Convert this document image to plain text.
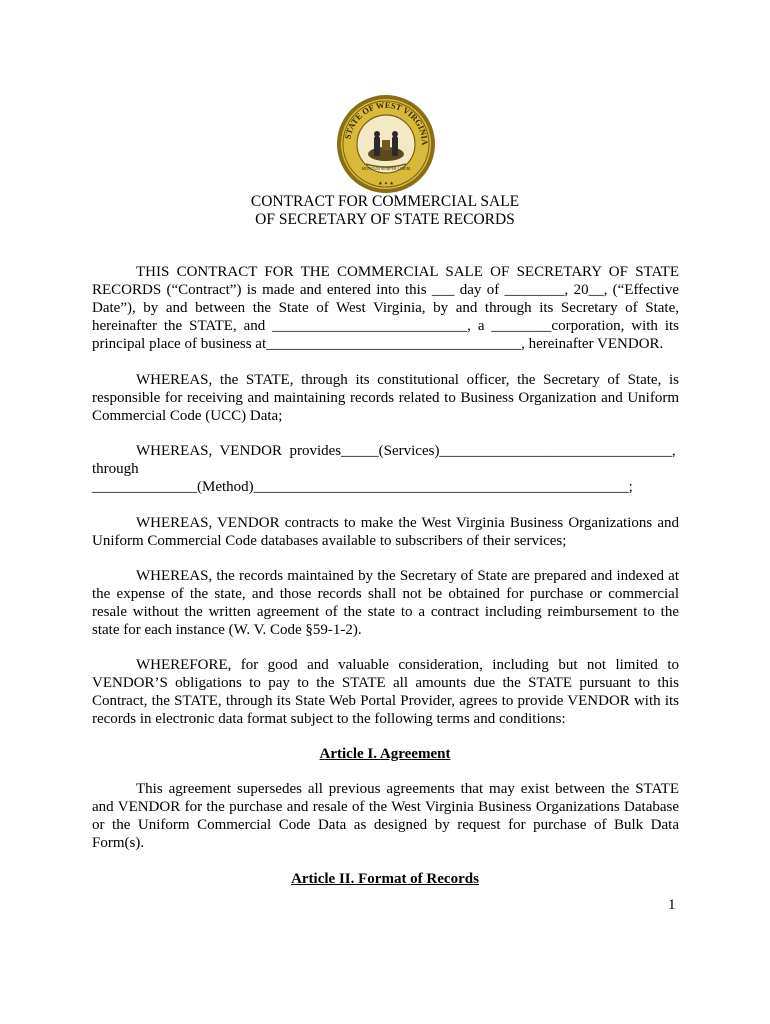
STATE OF WEST VIRGINIA
MONTANI SEMPER LIBERI
★ ✦ ★
CONTRACT FOR COMMERCIAL SALE
OF SECRETARY OF STATE RECORDS
THIS CONTRACT FOR THE COMMERCIAL SALE OF SECRETARY OF STATE RECORDS (“Contract”) is made and entered into this ___ day of ________, 20__, (“Effective Date”), by and between the State of West Virginia, by and through its Secretary of State, hereinafter the STATE, and __________________________, a ________corporation, with its principal place of business at__________________________________, hereinafter VENDOR.
WHEREAS, the STATE, through its constitutional officer, the Secretary of State, is responsible for receiving and maintaining records related to Business Organization and Uniform Commercial Code (UCC) Data;
WHEREAS,  VENDOR  provides_____(Services)_______________________________,
through
______________(Method)__________________________________________________;
WHEREAS, VENDOR contracts to make the West Virginia Business Organizations and Uniform Commercial Code databases available to subscribers of their services;
WHEREAS, the records maintained by the Secretary of State are prepared and indexed at the expense of the state, and those records shall not be obtained for purchase or commercial resale without the written agreement of the state to a contract including reimbursement to the state for each instance (W. V. Code §59-1-2).
WHEREFORE, for good and valuable consideration, including but not limited to VENDOR’S obligations to pay to the STATE all amounts due the STATE pursuant to this Contract, the STATE, through its State Web Portal Provider, agrees to provide VENDOR with its records in electronic data format subject to the following terms and conditions:
Article I. Agreement
This agreement supersedes all previous agreements that may exist between the STATE and VENDOR for the purchase and resale of the West Virginia Business Organizations Database or the Uniform Commercial Code Data as designed by request for purchase of Bulk Data Form(s).
Article II. Format of Records
1
